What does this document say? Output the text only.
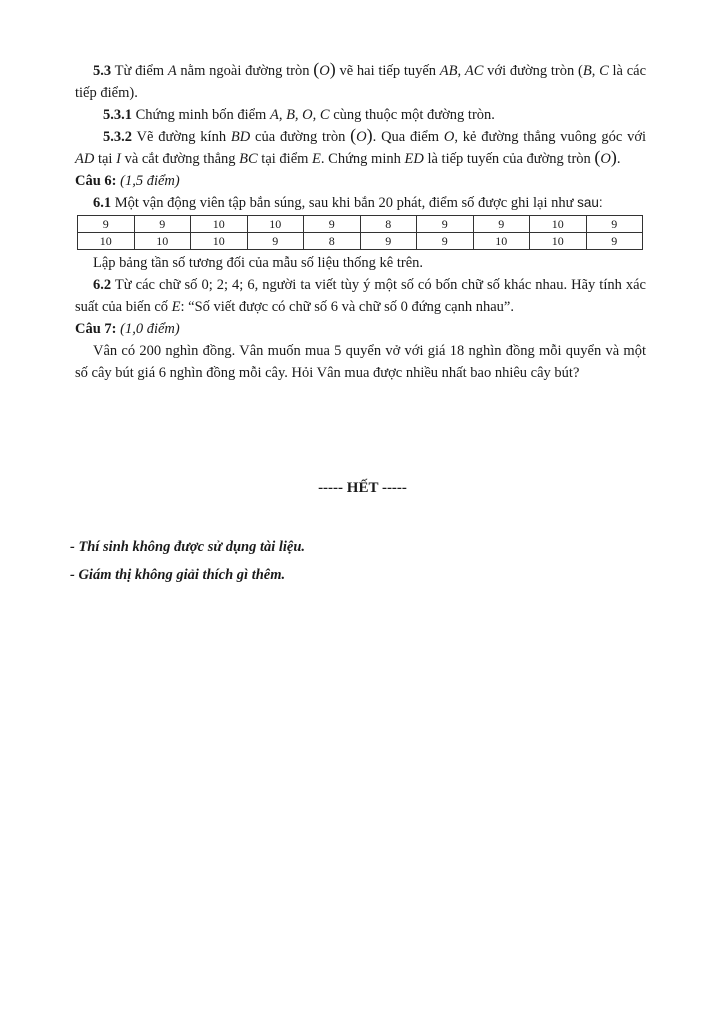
5.3 Từ điểm A nằm ngoài đường tròn (O) vẽ hai tiếp tuyến AB, AC với đường tròn (B, C là các tiếp điểm).

5.3.1 Chứng minh bốn điểm A, B, O, C cùng thuộc một đường tròn.

5.3.2 Vẽ đường kính BD của đường tròn (O). Qua điểm O, kẻ đường thẳng vuông góc với AD tại I và cắt đường thẳng BC tại điểm E. Chứng minh ED là tiếp tuyến của đường tròn (O).

Câu 6: (1,5 điểm)

6.1 Một vận động viên tập bắn súng, sau khi bắn 20 phát, điểm số được ghi lại như sau:

9	9	10	10	9	8	9	9	10	9
10	10	10	9	8	9	9	10	10	9

Lập bảng tần số tương đối của mẫu số liệu thống kê trên.

6.2 Từ các chữ số 0; 2; 4; 6, người ta viết tùy ý một số có bốn chữ số khác nhau. Hãy tính xác suất của biến cố E: “Số viết được có chữ số 6 và chữ số 0 đứng cạnh nhau”.

Câu 7: (1,0 điểm)

Vân có 200 nghìn đồng. Vân muốn mua 5 quyển vở với giá 18 nghìn đồng mỗi quyển và một số cây bút giá 6 nghìn đồng mỗi cây. Hỏi Vân mua được nhiều nhất bao nhiêu cây bút?

----- HẾT -----
- Thí sinh không được sử dụng tài liệu.
- Giám thị không giải thích gì thêm.
